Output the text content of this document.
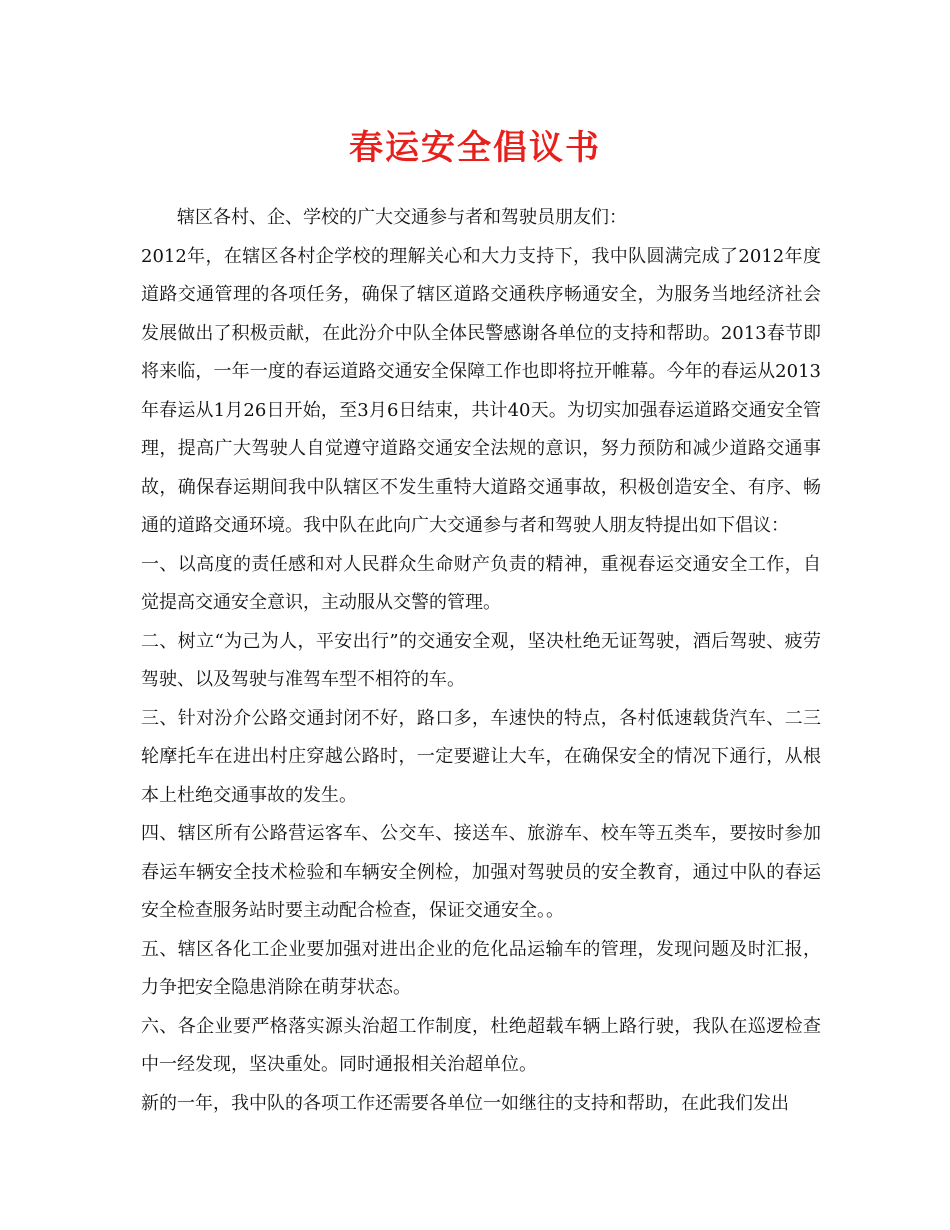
春运安全倡议书

辖区各村、企、学校的广大交通参与者和驾驶员朋友们：

2012年，在辖区各村企学校的理解关心和大力支持下，我中队圆满完成了2012年度道路交通管理的各项任务，确保了辖区道路交通秩序畅通安全，为服务当地经济社会发展做出了积极贡献，在此汾介中队全体民警感谢各单位的支持和帮助。2013春节即将来临，一年一度的春运道路交通安全保障工作也即将拉开帷幕。今年的春运从2013年春运从1月26日开始，至3月6日结束，共计40天。为切实加强春运道路交通安全管理，提高广大驾驶人自觉遵守道路交通安全法规的意识，努力预防和减少道路交通事故，确保春运期间我中队辖区不发生重特大道路交通事故，积极创造安全、有序、畅通的道路交通环境。我中队在此向广大交通参与者和驾驶人朋友特提出如下倡议：

一、以高度的责任感和对人民群众生命财产负责的精神，重视春运交通安全工作，自觉提高交通安全意识，主动服从交警的管理。

二、树立“为己为人，平安出行”的交通安全观，坚决杜绝无证驾驶，酒后驾驶、疲劳驾驶、以及驾驶与准驾车型不相符的车。

三、针对汾介公路交通封闭不好，路口多，车速快的特点，各村低速载货汽车、二三轮摩托车在进出村庄穿越公路时，一定要避让大车，在确保安全的情况下通行，从根本上杜绝交通事故的发生。

四、辖区所有公路营运客车、公交车、接送车、旅游车、校车等五类车，要按时参加春运车辆安全技术检验和车辆安全例检，加强对驾驶员的安全教育，通过中队的春运安全检查服务站时要主动配合检查，保证交通安全。。

五、辖区各化工企业要加强对进出企业的危化品运输车的管理，发现问题及时汇报，力争把安全隐患消除在萌芽状态。

六、各企业要严格落实源头治超工作制度，杜绝超载车辆上路行驶，我队在巡逻检查中一经发现，坚决重处。同时通报相关治超单位。

新的一年，我中队的各项工作还需要各单位一如继往的支持和帮助，在此我们发出
